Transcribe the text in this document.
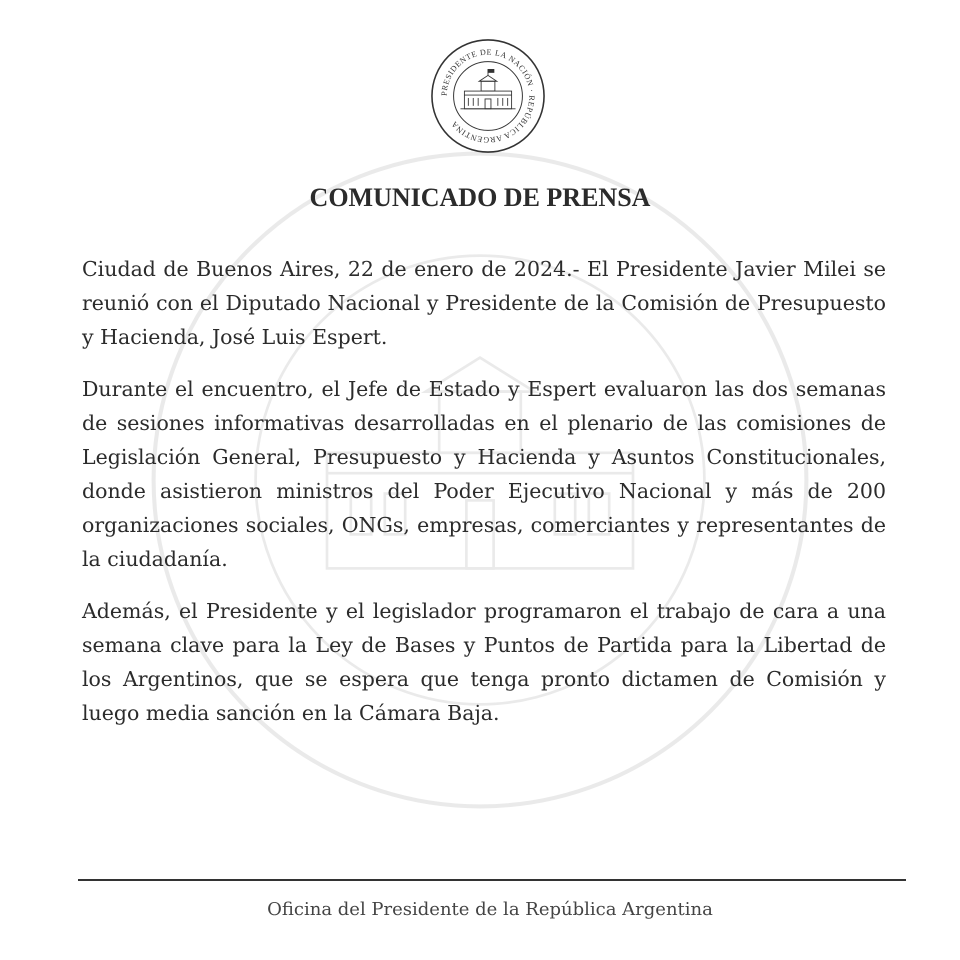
PRESIDENTE DE LA NACIÓN · REPÚBLICA ARGENTINA
COMUNICADO DE PRENSA

Ciudad de Buenos Aires, 22 de enero de 2024.- El Presidente Javier Milei se reunió con el Diputado Nacional y Presidente de la Comisión de Presupuesto y Hacienda, José Luis Espert.

Durante el encuentro, el Jefe de Estado y Espert evaluaron las dos semanas de sesiones informativas desarrolladas en el plenario de las comisiones de Legislación General, Presupuesto y Hacienda y Asuntos Constitucionales, donde asistieron ministros del Poder Ejecutivo Nacional y más de 200 organizaciones sociales, ONGs, empresas, comerciantes y representantes de la ciudadanía.

Además, el Presidente y el legislador programaron el trabajo de cara a una semana clave para la Ley de Bases y Puntos de Partida para la Libertad de los Argentinos, que se espera que tenga pronto dictamen de Comisión y luego media sanción en la Cámara Baja.

Oficina del Presidente de la República Argentina
